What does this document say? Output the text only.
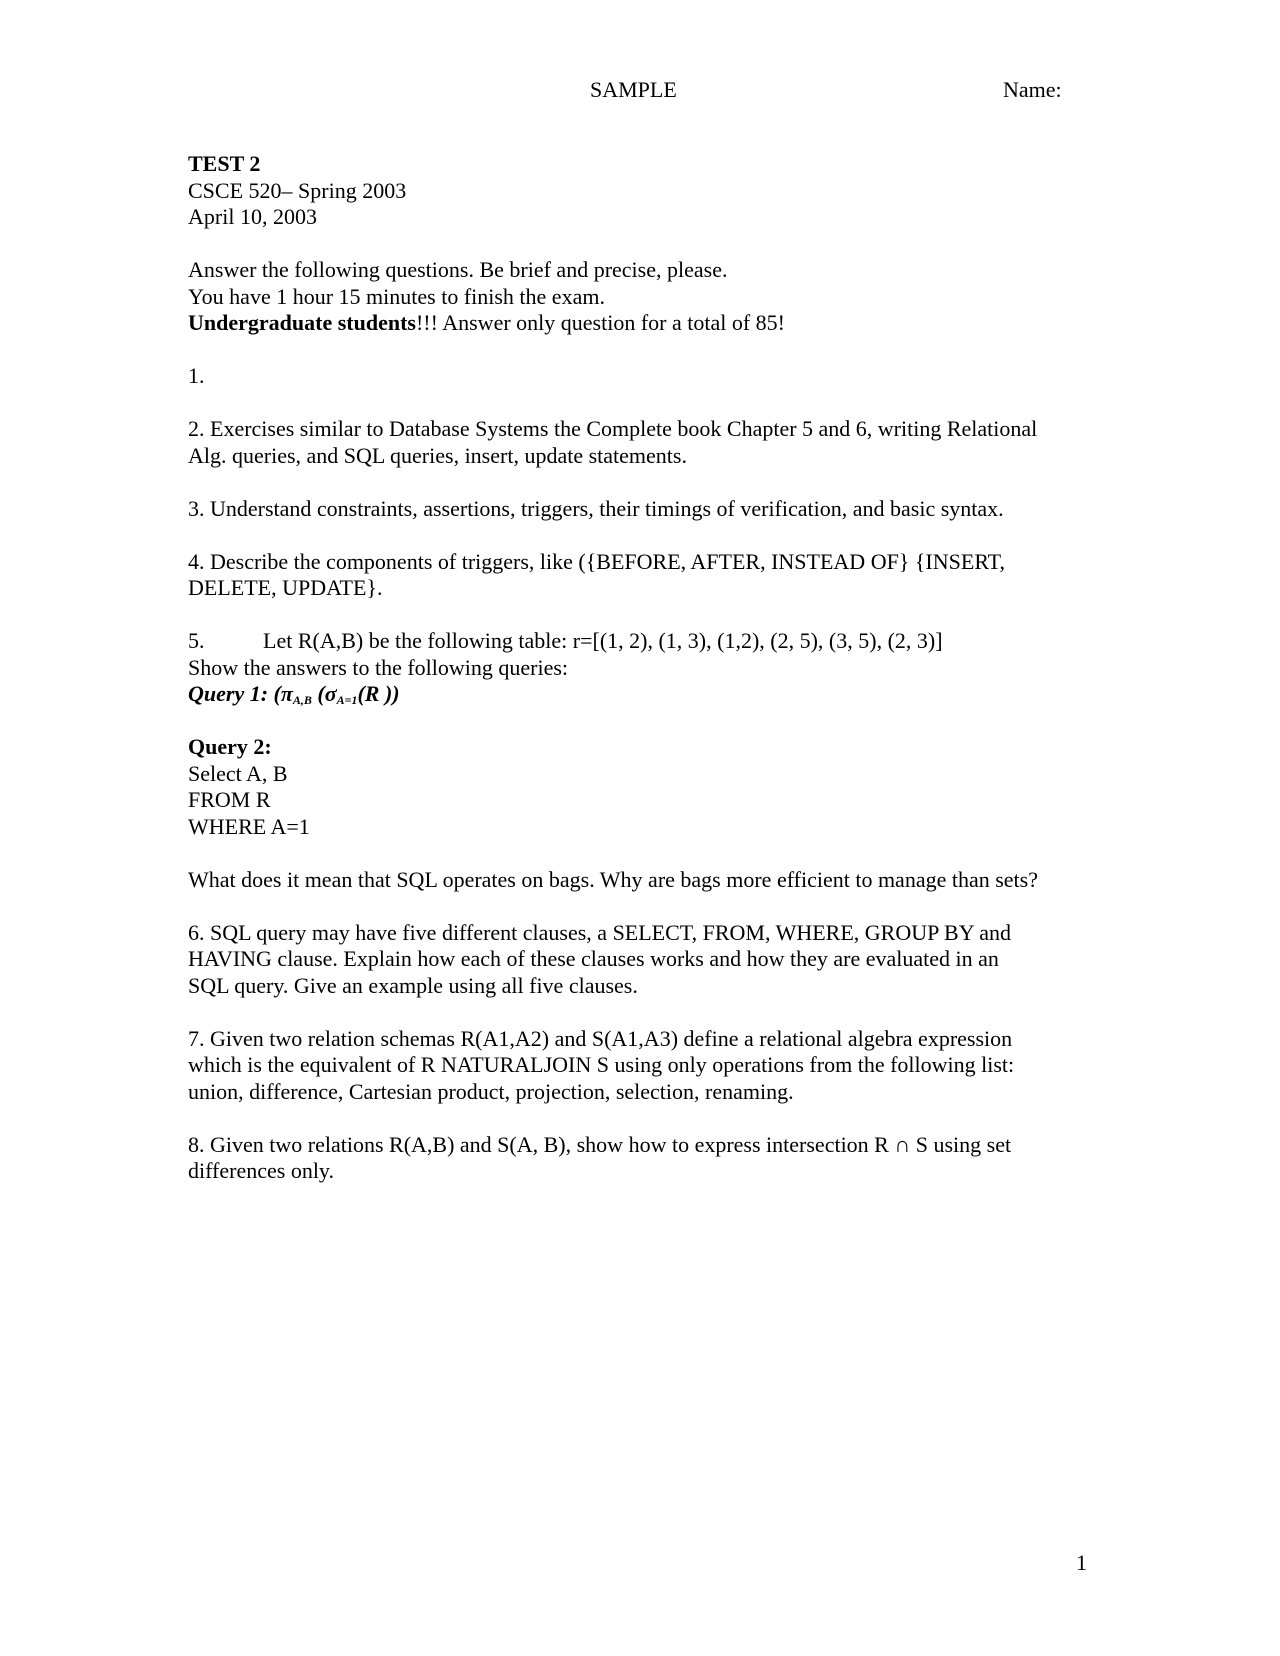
SAMPLE	Name:
TEST 2
CSCE 520– Spring 2003
April 10, 2003
Answer the following questions. Be brief and precise, please.
You have 1 hour 15 minutes to finish the exam.
Undergraduate students!!! Answer only question for a total of 85!
1.
2. Exercises similar to Database Systems the Complete book Chapter 5 and 6, writing Relational
Alg. queries, and SQL queries, insert, update statements.
3. Understand constraints, assertions, triggers, their timings of verification, and basic syntax.
4. Describe the components of triggers, like ({BEFORE, AFTER, INSTEAD OF} {INSERT,
DELETE, UPDATE}.
5.	Let R(A,B) be the following table: r=[(1, 2), (1, 3), (1,2), (2, 5), (3, 5), (2, 3)]
Show the answers to the following queries:
Query 1: ($\pi_{A,B}$ ($\sigma_{A=1}(R$ ))
Query 2:
Select A, B
FROM R
WHERE A=1
What does it mean that SQL operates on bags. Why are bags more efficient to manage than sets?
6. SQL query may have five different clauses, a SELECT, FROM, WHERE, GROUP BY and
HAVING clause. Explain how each of these clauses works and how they are evaluated in an
SQL query. Give an example using all five clauses.
7. Given two relation schemas R(A1,A2) and S(A1,A3) define a relational algebra expression
which is the equivalent of R NATURALJOIN S using only operations from the following list:
union, difference, Cartesian product, projection, selection, renaming.
8. Given two relations R(A,B) and S(A, B), show how to express intersection R ∩ S using set
differences only.
1
